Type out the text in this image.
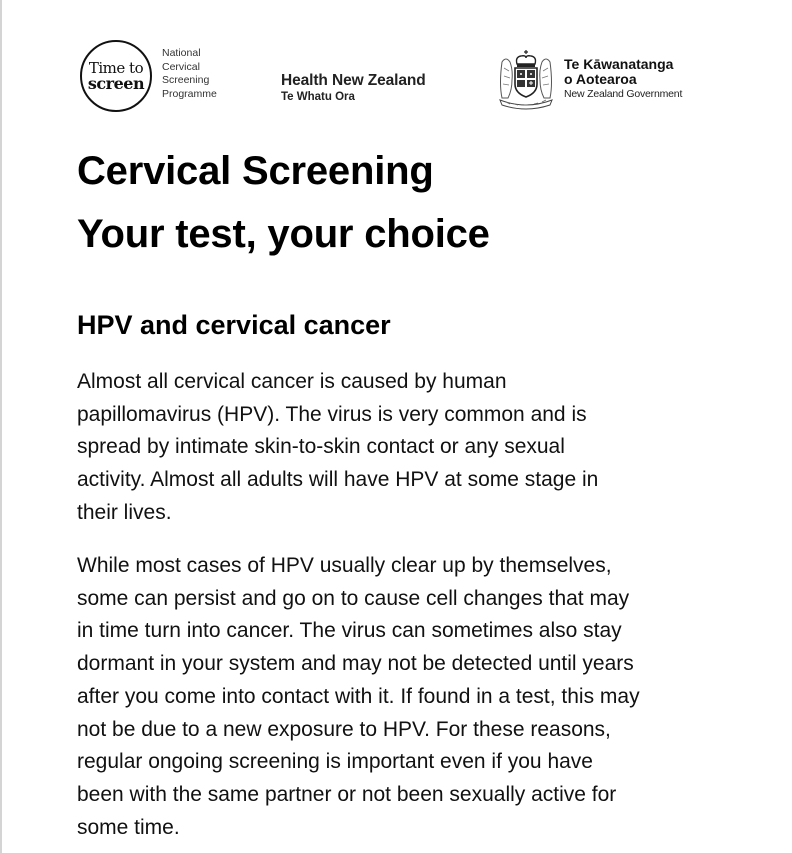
Time to
screen
National
Cervical
Screening
Programme
Health New Zealand
Te Whatu Ora
Te Kāwanatanga
o Aotearoa
New Zealand Government
Cervical Screening
Your test, your choice
HPV and cervical cancer
Almost all cervical cancer is caused by human
papillomavirus (HPV). The virus is very common and is
spread by intimate skin-to-skin contact or any sexual
activity. Almost all adults will have HPV at some stage in
their lives.
While most cases of HPV usually clear up by themselves,
some can persist and go on to cause cell changes that may
in time turn into cancer. The virus can sometimes also stay
dormant in your system and may not be detected until years
after you come into contact with it. If found in a test, this may
not be due to a new exposure to HPV. For these reasons,
regular ongoing screening is important even if you have
been with the same partner or not been sexually active for
some time.
